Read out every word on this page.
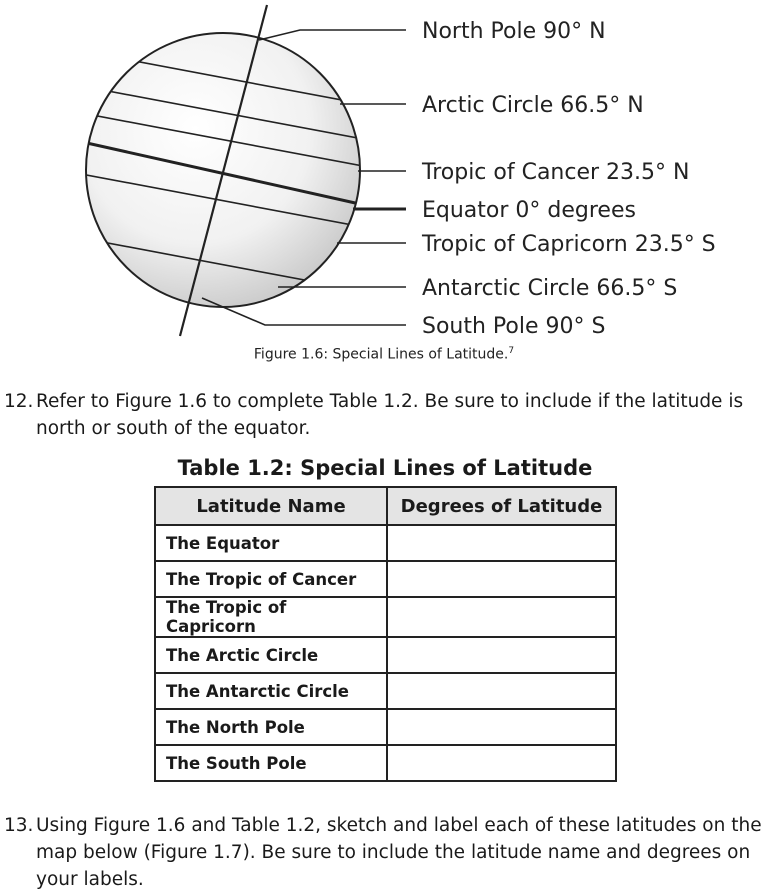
North Pole 90° N
Arctic Circle 66.5° N
Tropic of Cancer 23.5° N
Equator 0° degrees
Tropic of Capricorn 23.5° S
Antarctic Circle 66.5° S
South Pole 90° S
Figure 1.6: Special Lines of Latitude.$^7$
12. Refer to Figure 1.6 to complete Table 1.2. Be sure to include if the latitude is north or south of the equator.
Table 1.2: Special Lines of Latitude
Latitude Name	Degrees of Latitude
The Equator	
The Tropic of Cancer	
The Tropic of Capricorn	
The Arctic Circle	
The Antarctic Circle	
The North Pole	
The South Pole	
13. Using Figure 1.6 and Table 1.2, sketch and label each of these latitudes on the map below (Figure 1.7). Be sure to include the latitude name and degrees on your labels.
